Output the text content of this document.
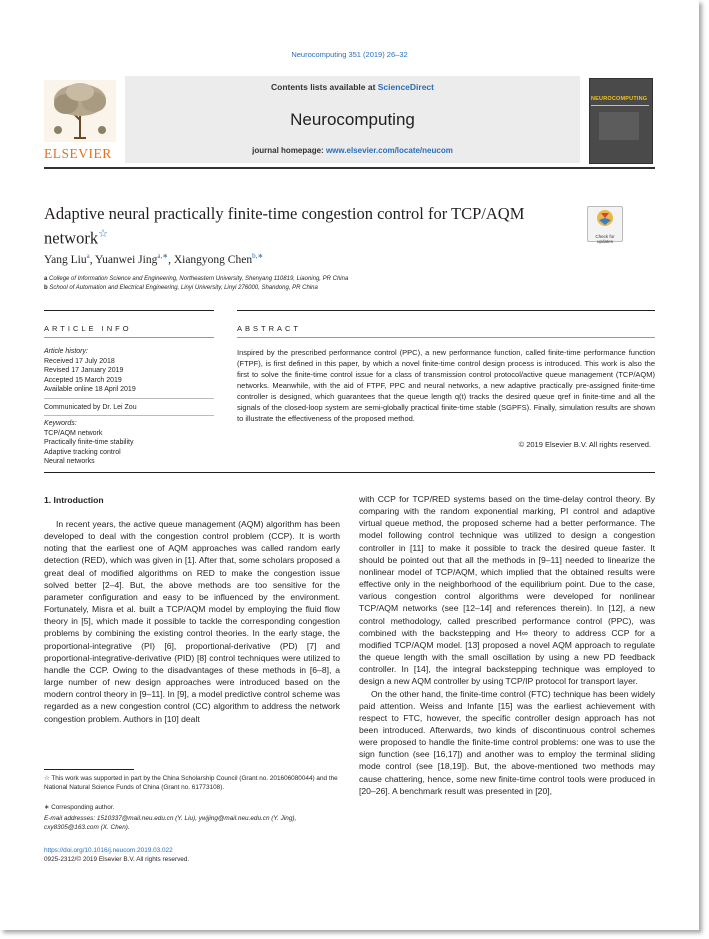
Neurocomputing 351 (2019) 26–32
ELSEVIER
Contents lists available at ScienceDirect
Neurocomputing
journal homepage: www.elsevier.com/locate/neucom
NEUROCOMPUTING
Adaptive neural practically finite-time congestion control for TCP/AQM
network☆	Check for updates
Yang Liu$^a$, Yuanwei Jing$^{a,∗}$, Xiangyong Chen$^{b,∗}$
a College of Information Science and Engineering, Northeastern University, Shenyang 110819, Liaoning, PR China
b School of Automation and Electrical Engineering, Linyi University, Linyi 276000, Shandong, PR China
ARTICLE INFO	ABSTRACT
Article history:
Received 17 July 2018
Revised 17 January 2019
Accepted 15 March 2019
Available online 18 April 2019
Communicated by Dr. Lei Zou
Keywords:
TCP/AQM network
Practically finite-time stability
Adaptive tracking control
Neural networks
Inspired by the prescribed performance control (PPC), a new performance function, called finite-time performance function (FTPF), is first defined in this paper, by which a novel finite-time control design process is introduced. This work is also the first to solve the finite-time control issue for a class of transmission control protocol/active queue management (TCP/AQM) networks. Meanwhile, with the aid of FTPF, PPC and neural networks, a new adaptive practically pre-assigned finite-time controller is designed, which guarantees that the queue length q(t) tracks the desired queue qref in finite-time and all the signals of the closed-loop system are semi-globally practical finite-time stable (SGPFS). Finally, simulation results are shown to illustrate the effectiveness of the proposed method.
© 2019 Elsevier B.V. All rights reserved.
1. Introduction

In recent years, the active queue management (AQM) algorithm has been developed to deal with the congestion control problem (CCP). It is worth noting that the earliest one of AQM approaches was called random early detection (RED), which was given in [1]. After that, some scholars proposed a great deal of modified algorithms on RED to make the congestion issue solved better [2–4]. But, the above methods are too sensitive for the parameter configuration and easy to be influenced by the environment. Fortunately, Misra et al. built a TCP/AQM model by employing the fluid flow theory in [5], which made it possible to tackle the corresponding congestion problems by combining the existing control theories. In the early stage, the proportional-integrative (PI) [6], proportional-derivative (PD) [7] and proportional-integrative-derivative (PID) [8] control techniques were utilized to handle the CCP. Owing to the disadvantages of these methods in [6–8], a large number of new design approaches were introduced based on the modern control theory in [9–11]. In [9], a model predictive control scheme was regarded as a new congestion control (CC) algorithm to address the network congestion problem. Authors in [10] dealt

with CCP for TCP/RED systems based on the time-delay control theory. By comparing with the random exponential marking, PI control and adaptive virtual queue method, the proposed scheme had a better performance. The model following control technique was utilized to design a congestion controller in [11] to make it possible to track the desired queue faster. It should be pointed out that all the methods in [9–11] needed to linearize the nonlinear model of TCP/AQM, which implied that the obtained results were effective only in the neighborhood of the equilibrium point. Due to the case, various congestion control algorithms were developed for nonlinear TCP/AQM networks (see [12–14] and references therein). In [12], a new control methodology, called prescribed performance control (PPC), was combined with the backstepping and H∞ theory to address CCP for a modified TCP/AQM model. [13] proposed a novel AQM approach to regulate the queue length with the small oscillation by using a new PD feedback controller. In [14], the integral backstepping technique was employed to design a new AQM controller by using TCP/IP protocol for transport layer.

On the other hand, the finite-time control (FTC) technique has been widely paid attention. Weiss and Infante [15] was the earliest achievement with respect to FTC, however, the specific controller design approach has not been introduced. Afterwards, two kinds of discontinuous control schemes were proposed to handle the finite-time control problems: one was to use the sign function (see [16,17]) and another was to employ the terminal sliding mode control (see [18,19]). But, the above-mentioned two methods may cause chattering, hence, some new finite-time control tools were produced in [20–26]. A benchmark result was presented in [20],

☆ This work was supported in part by the China Scholarship Council (Grant no. 201606080044) and the National Natural Science Funds of China (Grant no. 61773108).
∗ Corresponding author.
E-mail addresses: 1510337@mail.neu.edu.cn (Y. Liu), ywjjing@mail.neu.edu.cn (Y. Jing), cxy8305@163.com (X. Chen).
https://doi.org/10.1016/j.neucom.2019.03.022
0925-2312/© 2019 Elsevier B.V. All rights reserved.
